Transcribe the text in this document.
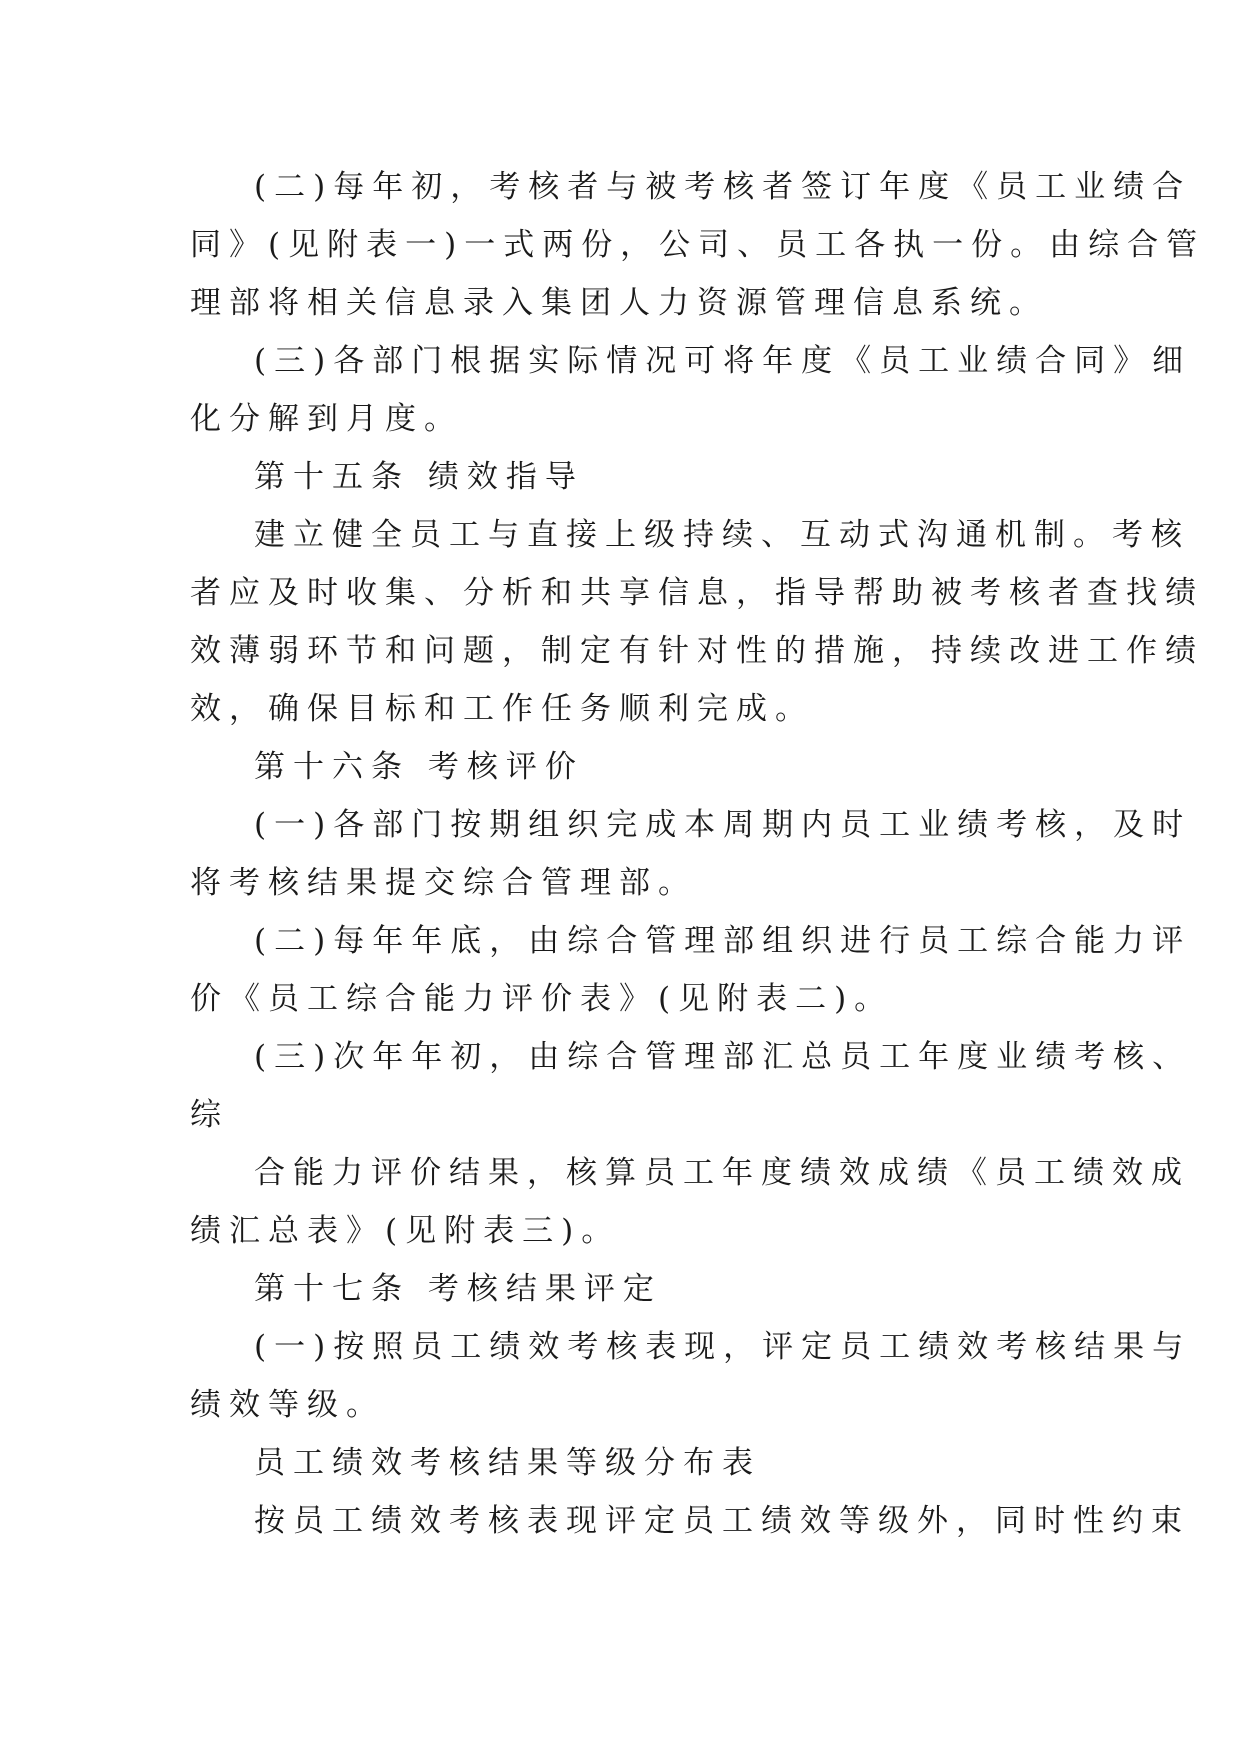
(二)每年初，考核者与被考核者签订年度《员工业绩合
同》(见附表一)一式两份，公司、员工各执一份。由综合管
理部将相关信息录入集团人力资源管理信息系统。
(三)各部门根据实际情况可将年度《员工业绩合同》细
化分解到月度。
第十五条 绩效指导
建立健全员工与直接上级持续、互动式沟通机制。考核
者应及时收集、分析和共享信息，指导帮助被考核者查找绩
效薄弱环节和问题，制定有针对性的措施，持续改进工作绩
效，确保目标和工作任务顺利完成。
第十六条 考核评价
(一)各部门按期组织完成本周期内员工业绩考核，及时
将考核结果提交综合管理部。
(二)每年年底，由综合管理部组织进行员工综合能力评
价《员工综合能力评价表》(见附表二)。
(三)次年年初，由综合管理部汇总员工年度业绩考核、
综
合能力评价结果，核算员工年度绩效成绩《员工绩效成
绩汇总表》(见附表三)。
第十七条 考核结果评定
(一)按照员工绩效考核表现，评定员工绩效考核结果与
绩效等级。
员工绩效考核结果等级分布表
按员工绩效考核表现评定员工绩效等级外，同时性约束
